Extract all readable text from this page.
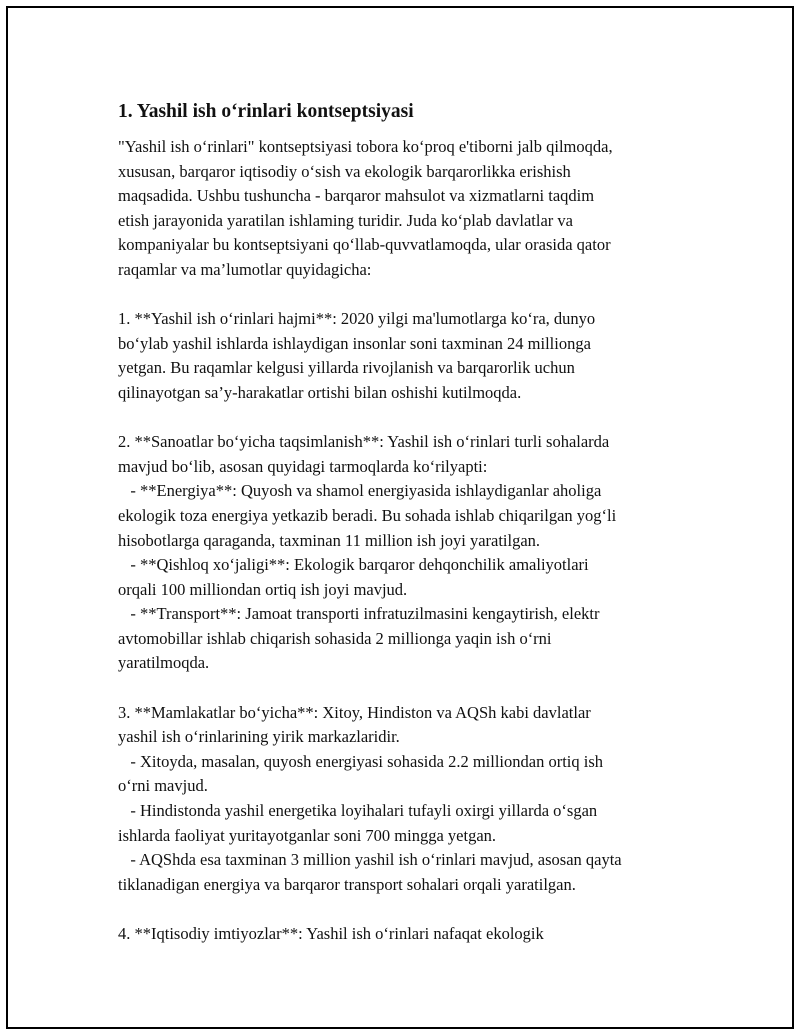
1. Yashil ish o‘rinlari kontseptsiyasi

"Yashil ish o‘rinlari" kontseptsiyasi tobora ko‘proq e'tiborni jalb qilmoqda,
xususan, barqaror iqtisodiy o‘sish va ekologik barqarorlikka erishish
maqsadida. Ushbu tushuncha - barqaror mahsulot va xizmatlarni taqdim
etish jarayonida yaratilan ishlaming turidir. Juda ko‘plab davlatlar va
kompaniyalar bu kontseptsiyani qo‘llab-quvvatlamoqda, ular orasida qator
raqamlar va ma’lumotlar quyidagicha:

1. **Yashil ish o‘rinlari hajmi**: 2020 yilgi ma'lumotlarga ko‘ra, dunyo
bo‘ylab yashil ishlarda ishlaydigan insonlar soni taxminan 24 millionga
yetgan. Bu raqamlar kelgusi yillarda rivojlanish va barqarorlik uchun
qilinayotgan sa’y-harakatlar ortishi bilan oshishi kutilmoqda.

2. **Sanoatlar bo‘yicha taqsimlanish**: Yashil ish o‘rinlari turli sohalarda
mavjud bo‘lib, asosan quyidagi tarmoqlarda ko‘rilyapti:
- **Energiya**: Quyosh va shamol energiyasida ishlaydiganlar aholiga
ekologik toza energiya yetkazib beradi. Bu sohada ishlab chiqarilgan yog‘li
hisobotlarga qaraganda, taxminan 11 million ish joyi yaratilgan.
- **Qishloq xo‘jaligi**: Ekologik barqaror dehqonchilik amaliyotlari
orqali 100 milliondan ortiq ish joyi mavjud.
- **Transport**: Jamoat transporti infratuzilmasini kengaytirish, elektr
avtomobillar ishlab chiqarish sohasida 2 millionga yaqin ish o‘rni
yaratilmoqda.

3. **Mamlakatlar bo‘yicha**: Xitoy, Hindiston va AQSh kabi davlatlar
yashil ish o‘rinlarining yirik markazlaridir.
- Xitoyda, masalan, quyosh energiyasi sohasida 2.2 milliondan ortiq ish
o‘rni mavjud.
- Hindistonda yashil energetika loyihalari tufayli oxirgi yillarda o‘sgan
ishlarda faoliyat yuritayotganlar soni 700 mingga yetgan.
- AQShda esa taxminan 3 million yashil ish o‘rinlari mavjud, asosan qayta
tiklanadigan energiya va barqaror transport sohalari orqali yaratilgan.

4. **Iqtisodiy imtiyozlar**: Yashil ish o‘rinlari nafaqat ekologik
